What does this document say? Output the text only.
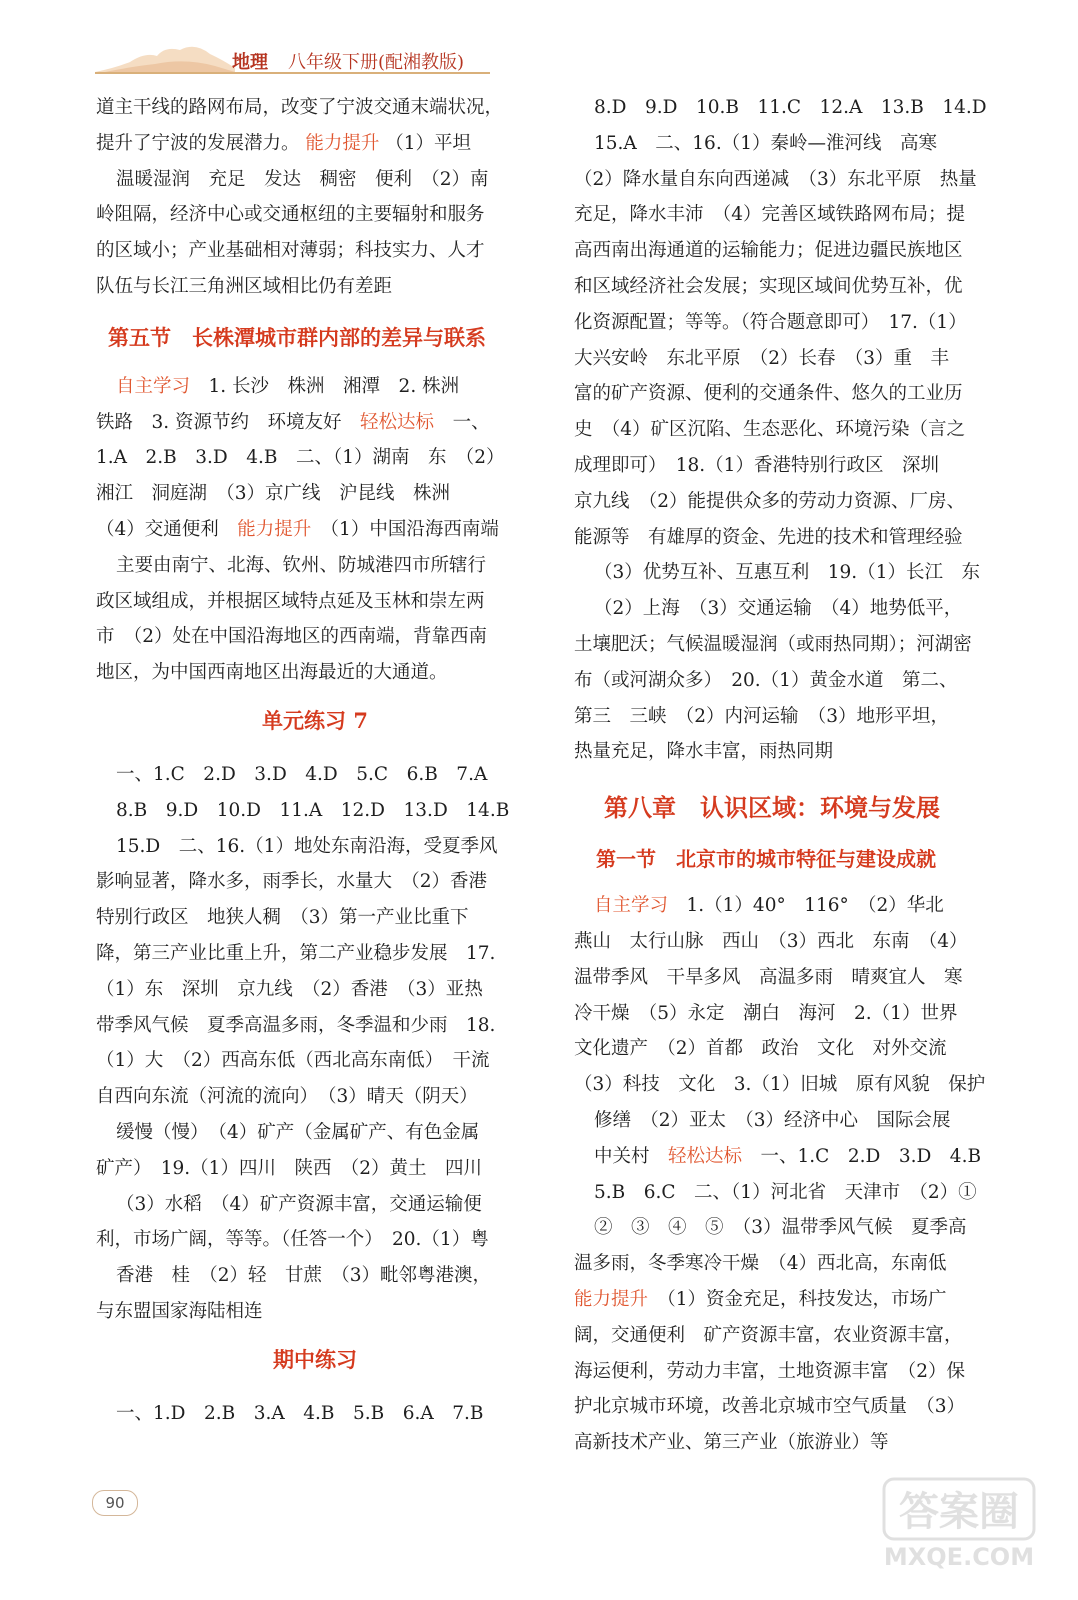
地理 八年级下册(配湘教版)
道主干线的路网布局，改变了宁波交通末端状况，
提升了宁波的发展潜力。 能力提升 （1）平坦
温暖湿润　充足　发达　稠密　便利　（2）南
岭阻隔，经济中心或交通枢纽的主要辐射和服务
的区域小；产业基础相对薄弱；科技实力、人才
队伍与长江三角洲区域相比仍有差距
第五节　长株潭城市群内部的差异与联系
自主学习　1. 长沙　株洲　湘潭　2. 株洲
铁路　3. 资源节约　环境友好　轻松达标　一、
1.A　2.B　3.D　4.B　二、（1）湖南　东　（2）
湘江　洞庭湖　（3）京广线　沪昆线　株洲
（4）交通便利　能力提升　（1）中国沿海西南端
主要由南宁、北海、钦州、防城港四市所辖行
政区域组成，并根据区域特点延及玉林和崇左两
市　（2）处在中国沿海地区的西南端，背靠西南
地区，为中国西南地区出海最近的大通道。
单元练习 7
一、1.C　2.D　3.D　4.D　5.C　6.B　7.A
8.B　9.D　10.D　11.A　12.D　13.D　14.B
15.D　二、16.（1）地处东南沿海，受夏季风
影响显著，降水多，雨季长，水量大　（2）香港
特别行政区　地狭人稠　（3）第一产业比重下
降，第三产业比重上升，第二产业稳步发展　17.
（1）东　深圳　京九线　（2）香港　（3）亚热
带季风气候　夏季高温多雨，冬季温和少雨　18.
（1）大　（2）西高东低（西北高东南低）　干流
自西向东流（河流的流向）　（3）晴天（阴天）
缓慢（慢）　（4）矿产（金属矿产、有色金属
矿产）　19.（1）四川　陕西　（2）黄土　四川
（3）水稻　（4）矿产资源丰富，交通运输便
利，市场广阔，等等。（任答一个）　20.（1）粤
香港　桂　（2）轻　甘蔗　（3）毗邻粤港澳，
与东盟国家海陆相连
期中练习
一、1.D　2.B　3.A　4.B　5.B　6.A　7.B
8.D　9.D　10.B　11.C　12.A　13.B　14.D
15.A　二、16.（1）秦岭—淮河线　高寒
（2）降水量自东向西递减　（3）东北平原　热量
充足，降水丰沛　（4）完善区域铁路网布局；提
高西南出海通道的运输能力；促进边疆民族地区
和区域经济社会发展；实现区域间优势互补，优
化资源配置；等等。（符合题意即可）　17.（1）
大兴安岭　东北平原　（2）长春　（3）重　丰
富的矿产资源、便利的交通条件、悠久的工业历
史　（4）矿区沉陷、生态恶化、环境污染（言之
成理即可）　18.（1）香港特别行政区　深圳
京九线　（2）能提供众多的劳动力资源、厂房、
能源等　有雄厚的资金、先进的技术和管理经验
（3）优势互补、互惠互利　19.（1）长江　东
（2）上海　（3）交通运输　（4）地势低平，
土壤肥沃；气候温暖湿润（或雨热同期）；河湖密
布（或河湖众多）　20.（1）黄金水道　第二、
第三　三峡　（2）内河运输　（3）地形平坦，
热量充足，降水丰富，雨热同期
第八章　认识区域：环境与发展
第一节　北京市的城市特征与建设成就
自主学习　1.（1）40°　116°　（2）华北
燕山　太行山脉　西山　（3）西北　东南　（4）
温带季风　干旱多风　高温多雨　晴爽宜人　寒
冷干燥　（5）永定　潮白　海河　2.（1）世界
文化遗产　（2）首都　政治　文化　对外交流
（3）科技　文化　3.（1）旧城　原有风貌　保护
修缮　（2）亚太　（3）经济中心　国际会展
中关村　轻松达标　一、1.C　2.D　3.D　4.B
5.B　6.C　二、（1）河北省　天津市　（2）①
②　③　④　⑤　（3）温带季风气候　夏季高
温多雨，冬季寒冷干燥　（4）西北高，东南低
能力提升　（1）资金充足，科技发达，市场广
阔，交通便利　矿产资源丰富，农业资源丰富，
海运便利，劳动力丰富，土地资源丰富　（2）保
护北京城市环境，改善北京城市空气质量　（3）
高新技术产业、第三产业（旅游业）等
90	答案圈
MXQE.COM
